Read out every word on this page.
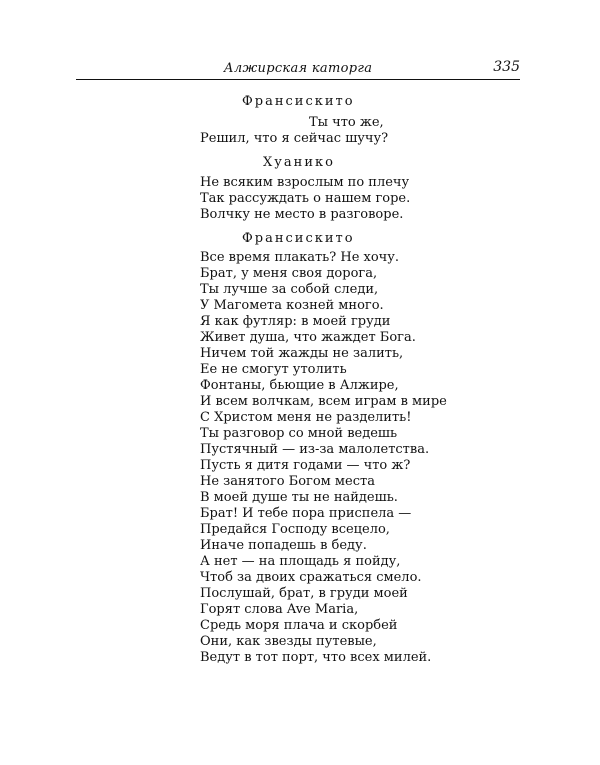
Алжирская каторга	335
Франсискито
Ты что же,
Решил, что я сейчас шучу?
Хуанико
Не всяким взрослым по плечу
Так рассуждать о нашем горе.
Волчку не место в разговоре.
Франсискито
Все время плакать? Не хочу.
Брат, у меня своя дорога,
Ты лучше за собой следи,
У Магомета козней много.
Я как футляр: в моей груди
Живет душа, что жаждет Бога.
Ничем той жажды не залить,
Ее не смогут утолить
Фонтаны, бьющие в Алжире,
И всем волчкам, всем играм в мире
С Христом меня не разделить!
Ты разговор со мной ведешь
Пустячный — из-за малолетства.
Пусть я дитя годами — что ж?
Не занятого Богом места
В моей душе ты не найдешь.
Брат! И тебе пора приспела —
Предайся Господу всецело,
Иначе попадешь в беду.
А нет — на площадь я пойду,
Чтоб за двоих сражаться смело.
Послушай, брат, в груди моей
Горят слова Ave Maria,
Средь моря плача и скорбей
Они, как звезды путевые,
Ведут в тот порт, что всех милей.
